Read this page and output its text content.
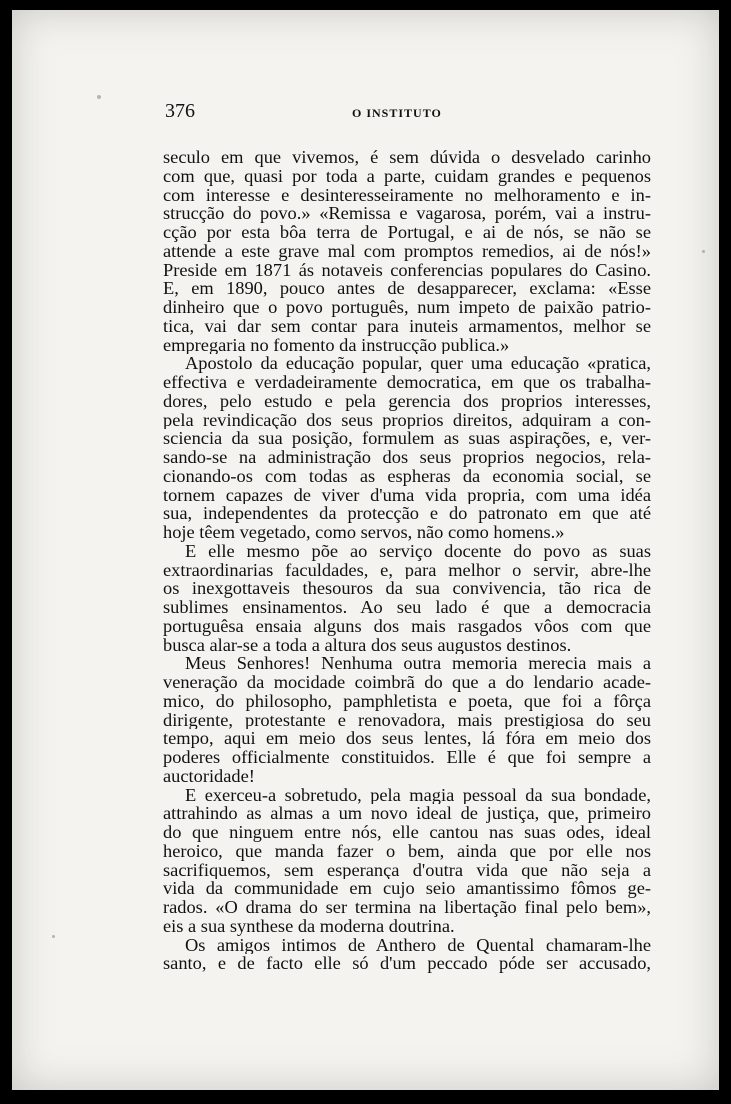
376	O INSTITUTO
seculo em que vivemos, é sem dúvida o desvelado carinho
com que, quasi por toda a parte, cuidam grandes e pequenos
com interesse e desinteresseiramente no melhoramento e in-
strucção do povo.» «Remissa e vagarosa, porém, vai a instru-
cção por esta bôa terra de Portugal, e ai de nós, se não se
attende a este grave mal com promptos remedios, ai de nós!»
Preside em 1871 ás notaveis conferencias populares do Casino.
E, em 1890, pouco antes de desapparecer, exclama: «Esse
dinheiro que o povo português, num impeto de paixão patrio-
tica, vai dar sem contar para inuteis armamentos, melhor se
empregaria no fomento da instrucção publica.»
Apostolo da educação popular, quer uma educação «pratica,
effectiva e verdadeiramente democratica, em que os trabalha-
dores, pelo estudo e pela gerencia dos proprios interesses,
pela revindicação dos seus proprios direitos, adquiram a con-
sciencia da sua posição, formulem as suas aspirações, e, ver-
sando-se na administração dos seus proprios negocios, rela-
cionando-os com todas as espheras da economia social, se
tornem capazes de viver d'uma vida propria, com uma idéa
sua, independentes da protecção e do patronato em que até
hoje têem vegetado, como servos, não como homens.»
E elle mesmo põe ao serviço docente do povo as suas
extraordinarias faculdades, e, para melhor o servir, abre-lhe
os inexgottaveis thesouros da sua convivencia, tão rica de
sublimes ensinamentos. Ao seu lado é que a democracia
portuguêsa ensaia alguns dos mais rasgados vôos com que
busca alar-se a toda a altura dos seus augustos destinos.
Meus Senhores! Nenhuma outra memoria merecia mais a
veneração da mocidade coimbrã do que a do lendario acade-
mico, do philosopho, pamphletista e poeta, que foi a fôrça
dirigente, protestante e renovadora, mais prestigiosa do seu
tempo, aqui em meio dos seus lentes, lá fóra em meio dos
poderes officialmente constituidos. Elle é que foi sempre a
auctoridade!
E exerceu-a sobretudo, pela magia pessoal da sua bondade,
attrahindo as almas a um novo ideal de justiça, que, primeiro
do que ninguem entre nós, elle cantou nas suas odes, ideal
heroico, que manda fazer o bem, ainda que por elle nos
sacrifiquemos, sem esperança d'outra vida que não seja a
vida da communidade em cujo seio amantissimo fômos ge-
rados. «O drama do ser termina na libertação final pelo bem»,
eis a sua synthese da moderna doutrina.
Os amigos intimos de Anthero de Quental chamaram-lhe
santo, e de facto elle só d'um peccado póde ser accusado,
